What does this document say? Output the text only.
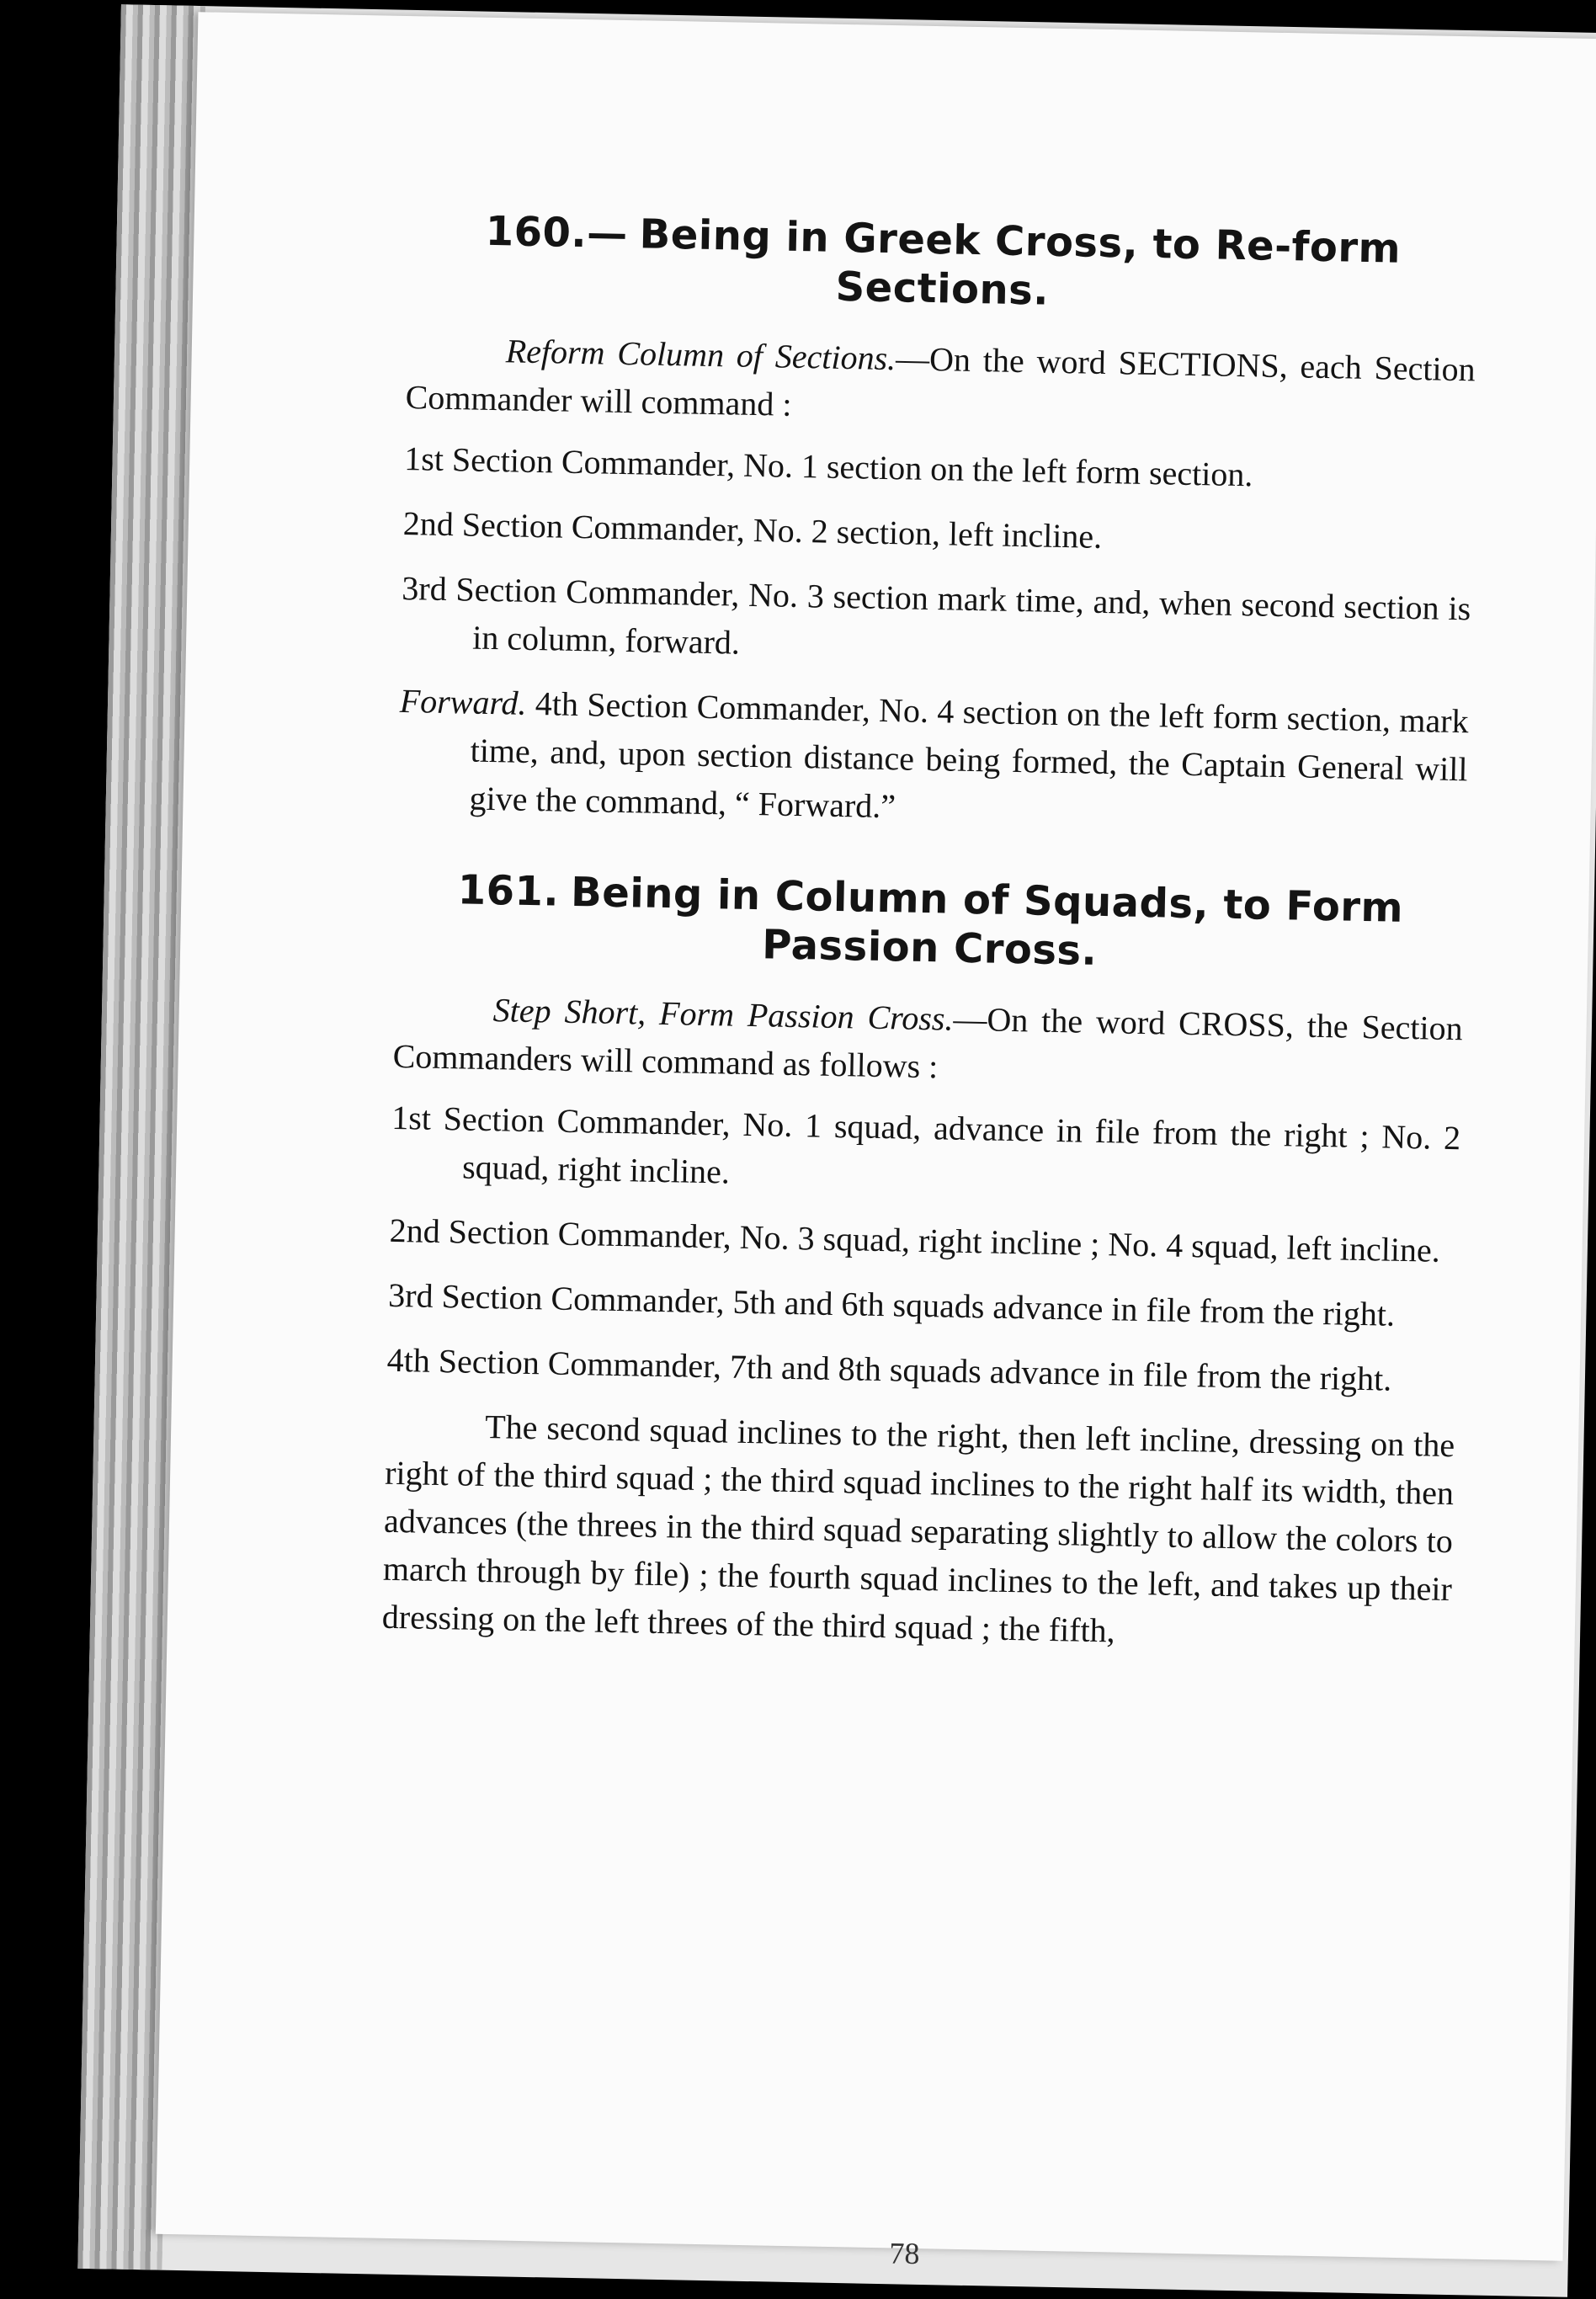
160.— Being in Greek Cross, to Re-form Sections.

Reform Column of Sections.—On the word SECTIONS, each Section Commander will command :

1st Section Commander, No. 1 section on the left form section.

2nd Section Commander, No. 2 section, left incline.

3rd Section Commander, No. 3 section mark time, and, when second section is in column, forward.

Forward. 4th Section Commander, No. 4 section on the left form section, mark time, and, upon section distance being formed, the Captain General will give the command, “ Forward.”

161. Being in Column of Squads, to Form Passion Cross.

Step Short, Form Passion Cross.—On the word CROSS, the Section Commanders will command as follows :

1st Section Commander, No. 1 squad, advance in file from the right ; No. 2 squad, right incline.

2nd Section Commander, No. 3 squad, right incline ; No. 4 squad, left incline.

3rd Section Commander, 5th and 6th squads advance in file from the right.

4th Section Commander, 7th and 8th squads advance in file from the right.

The second squad inclines to the right, then left incline, dressing on the right of the third squad ; the third squad inclines to the right half its width, then advances (the threes in the third squad separating slightly to allow the colors to march through by file) ; the fourth squad inclines to the left, and takes up their dressing on the left threes of the third squad ; the fifth,

78
